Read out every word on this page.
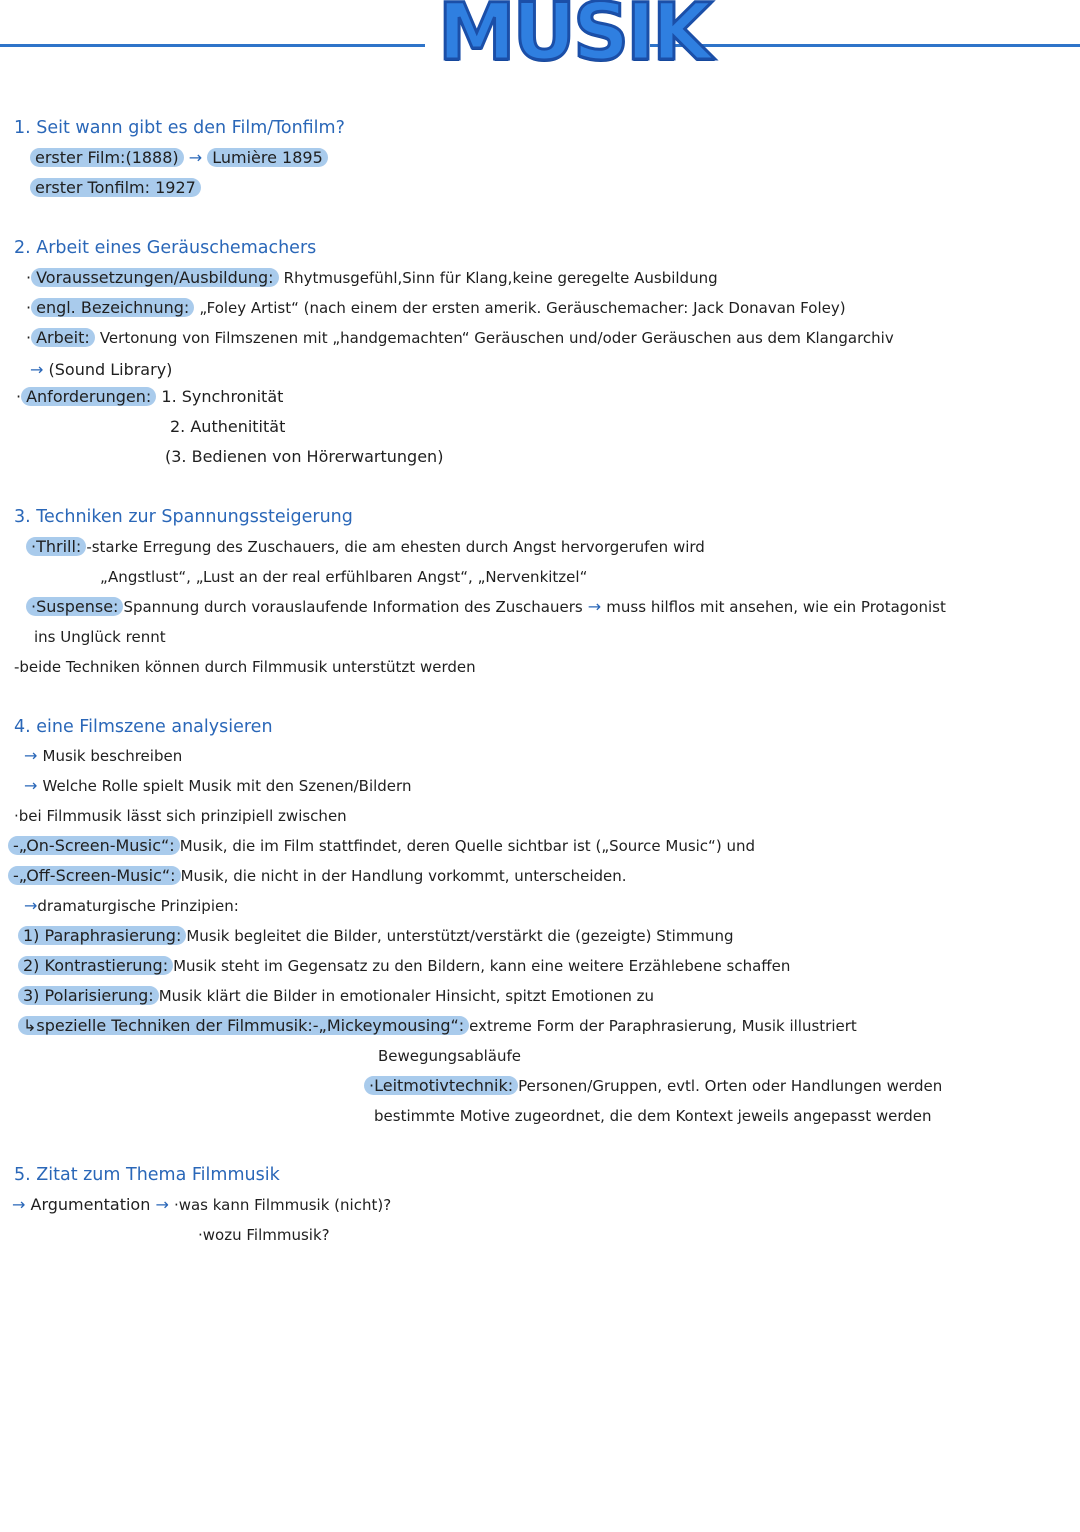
MUSIK
1. Seit wann gibt es den Film/Tonfilm?
erster Film:(1888) → Lumière 1895
erster Tonfilm: 1927
2. Arbeit eines Geräuschemachers
· Voraussetzungen/Ausbildung: Rhytmusgefühl,Sinn für Klang,keine geregelte Ausbildung
· engl. Bezeichnung: „Foley Artist“ (nach einem der ersten amerik. Geräuschemacher: Jack Donavan Foley)
· Arbeit: Vertonung von Filmszenen mit „handgemachten“ Geräuschen und/oder Geräuschen aus dem Klangarchiv
→ (Sound Library)
· Anforderungen: 1. Synchronität
2. Authenitität
(3. Bedienen von Hörerwartungen)
3. Techniken zur Spannungssteigerung
·Thrill: -starke Erregung des Zuschauers, die am ehesten durch Angst hervorgerufen wird
„Angstlust“, „Lust an der real erfühlbaren Angst“, „Nervenkitzel“
·Suspense: Spannung durch vorauslaufende Information des Zuschauers → muss hilflos mit ansehen, wie ein Protagonist
ins Unglück rennt
-beide Techniken können durch Filmmusik unterstützt werden
4. eine Filmszene analysieren
→ Musik beschreiben
→ Welche Rolle spielt Musik mit den Szenen/Bildern
·bei Filmmusik lässt sich prinzipiell zwischen
-„On-Screen-Music“: Musik, die im Film stattfindet, deren Quelle sichtbar ist („Source Music“) und
-„Off-Screen-Music“: Musik, die nicht in der Handlung vorkommt, unterscheiden.
→dramaturgische Prinzipien:
1) Paraphrasierung: Musik begleitet die Bilder, unterstützt/verstärkt die (gezeigte) Stimmung
2) Kontrastierung: Musik steht im Gegensatz zu den Bildern, kann eine weitere Erzählebene schaffen
3) Polarisierung: Musik klärt die Bilder in emotionaler Hinsicht, spitzt Emotionen zu
↳spezielle Techniken der Filmmusik:-„Mickeymousing“: extreme Form der Paraphrasierung, Musik illustriert
Bewegungsabläufe
·Leitmotivtechnik: Personen/Gruppen, evtl. Orten oder Handlungen werden
bestimmte Motive zugeordnet, die dem Kontext jeweils angepasst werden
5. Zitat zum Thema Filmmusik
→ Argumentation → ·was kann Filmmusik (nicht)?
·wozu Filmmusik?
